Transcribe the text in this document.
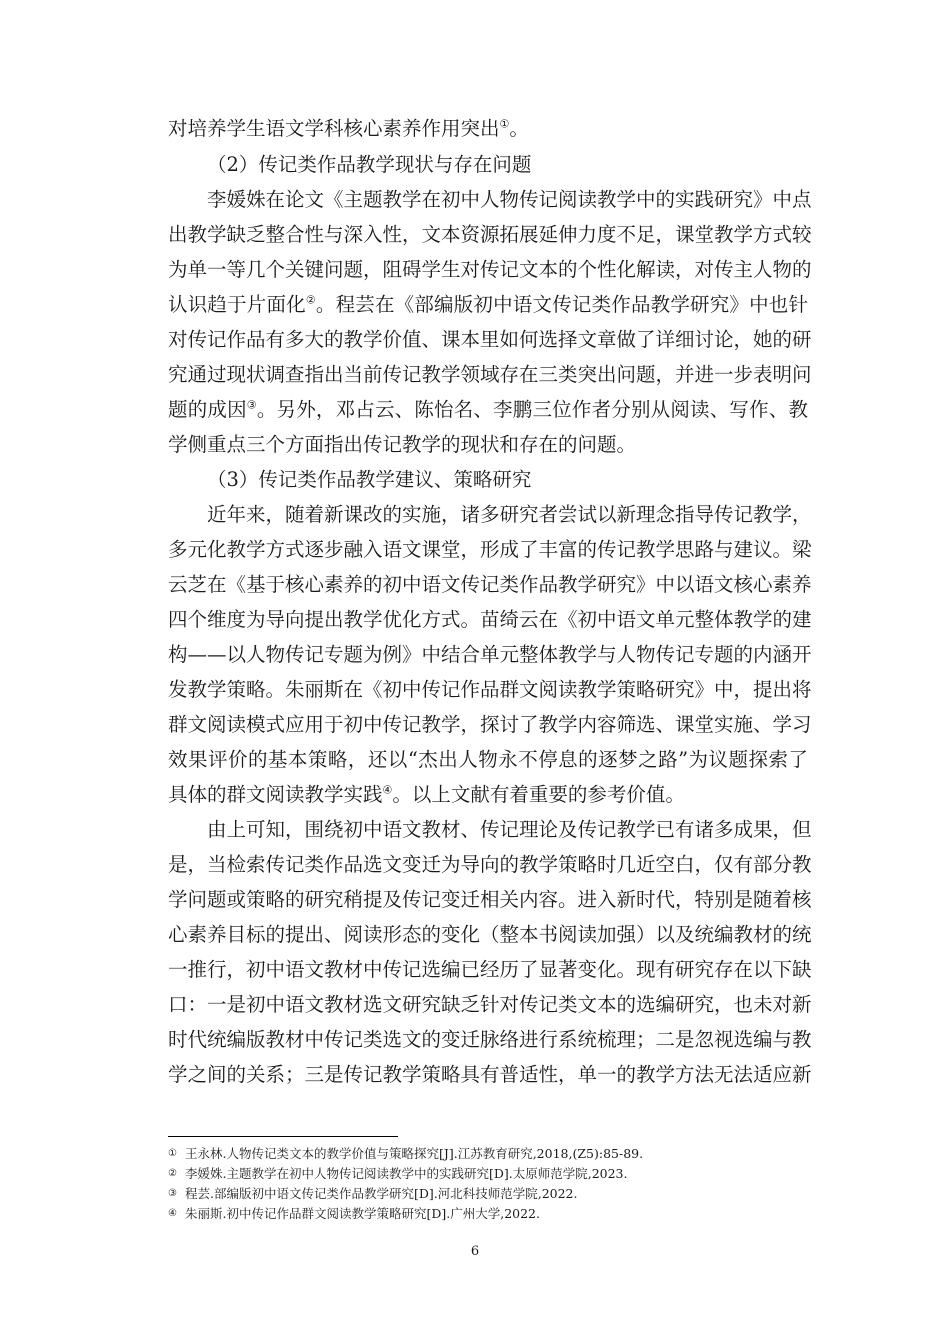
对培养学生语文学科核心素养作用突出①。
（2）传记类作品教学现状与存在问题
李媛姝在论文《主题教学在初中人物传记阅读教学中的实践研究》中点
出教学缺乏整合性与深入性，文本资源拓展延伸力度不足，课堂教学方式较
为单一等几个关键问题，阻碍学生对传记文本的个性化解读，对传主人物的
认识趋于片面化②。程芸在《部编版初中语文传记类作品教学研究》中也针
对传记作品有多大的教学价值、课本里如何选择文章做了详细讨论，她的研
究通过现状调查指出当前传记教学领域存在三类突出问题，并进一步表明问
题的成因③。另外，邓占云、陈怡名、李鹏三位作者分别从阅读、写作、教
学侧重点三个方面指出传记教学的现状和存在的问题。
（3）传记类作品教学建议、策略研究
近年来，随着新课改的实施，诸多研究者尝试以新理念指导传记教学，
多元化教学方式逐步融入语文课堂，形成了丰富的传记教学思路与建议。梁
云芝在《基于核心素养的初中语文传记类作品教学研究》中以语文核心素养
四个维度为导向提出教学优化方式。苗绮云在《初中语文单元整体教学的建
构——以人物传记专题为例》中结合单元整体教学与人物传记专题的内涵开
发教学策略。朱丽斯在《初中传记作品群文阅读教学策略研究》中，提出将
群文阅读模式应用于初中传记教学，探讨了教学内容筛选、课堂实施、学习
效果评价的基本策略，还以“杰出人物永不停息的逐梦之路”为议题探索了
具体的群文阅读教学实践④。以上文献有着重要的参考价值。
由上可知，围绕初中语文教材、传记理论及传记教学已有诸多成果，但
是，当检索传记类作品选文变迁为导向的教学策略时几近空白，仅有部分教
学问题或策略的研究稍提及传记变迁相关内容。进入新时代，特别是随着核
心素养目标的提出、阅读形态的变化（整本书阅读加强）以及统编教材的统
一推行，初中语文教材中传记选编已经历了显著变化。现有研究存在以下缺
口：一是初中语文教材选文研究缺乏针对传记类文本的选编研究，也未对新
时代统编版教材中传记类选文的变迁脉络进行系统梳理；二是忽视选编与教
学之间的关系；三是传记教学策略具有普适性，单一的教学方法无法适应新
① 王永林.人物传记类文本的教学价值与策略探究[J].江苏教育研究,2018,(Z5):85-89.
② 李媛姝.主题教学在初中人物传记阅读教学中的实践研究[D].太原师范学院,2023.
③ 程芸.部编版初中语文传记类作品教学研究[D].河北科技师范学院,2022.
④ 朱丽斯.初中传记作品群文阅读教学策略研究[D].广州大学,2022.
6
